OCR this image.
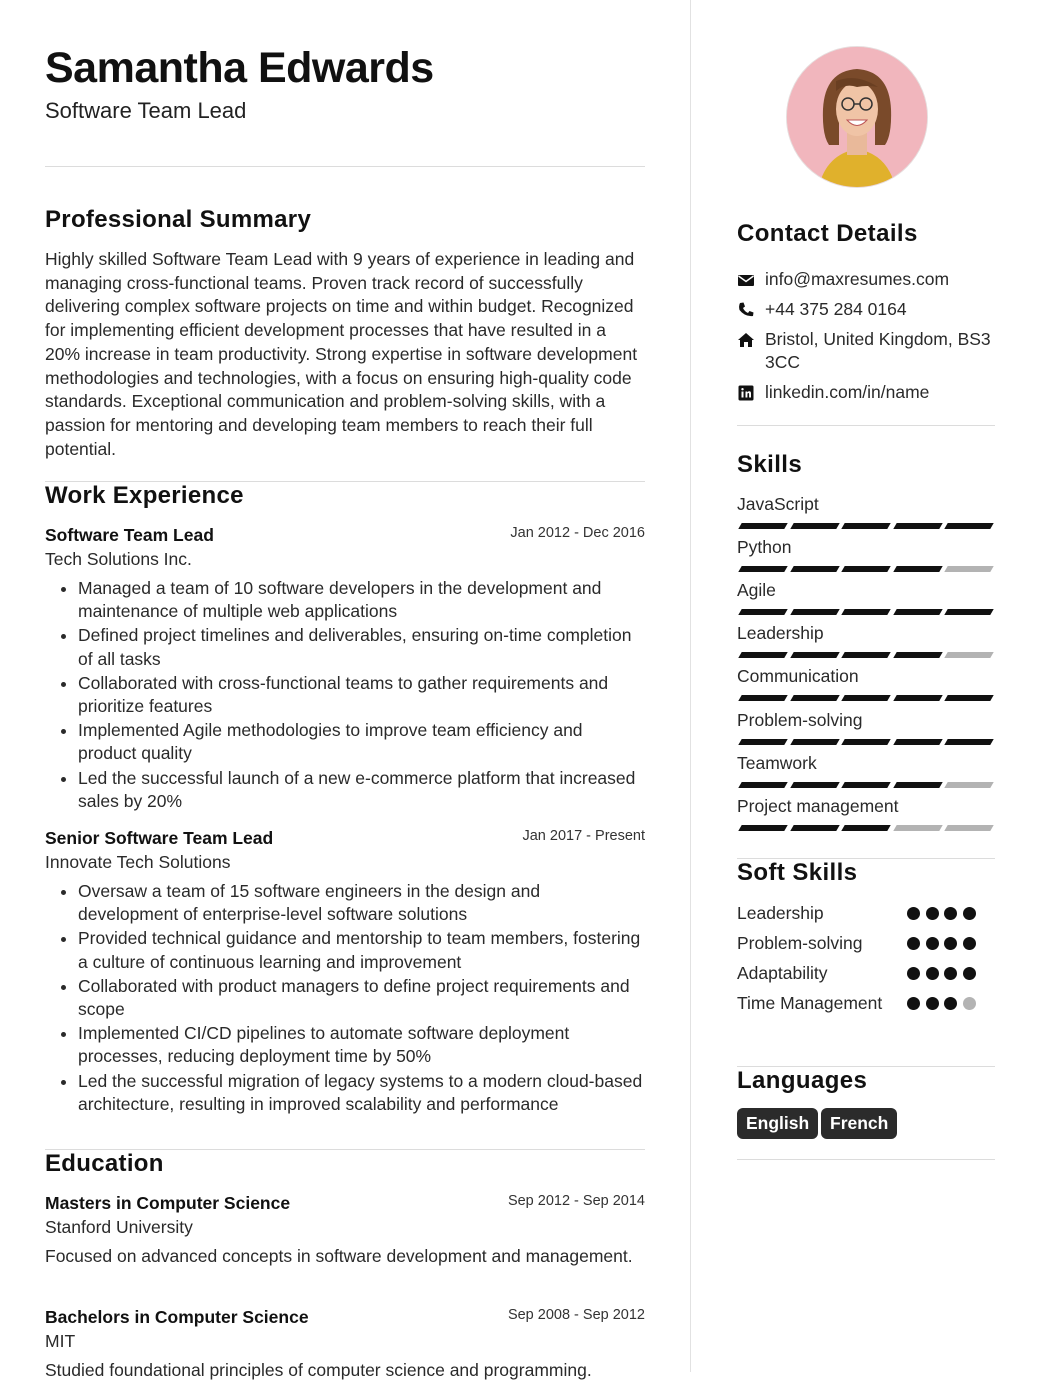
Samantha Edwards
Software Team Lead
Professional Summary

Highly skilled Software Team Lead with 9 years of experience in leading and managing cross-functional teams. Proven track record of successfully delivering complex software projects on time and within budget. Recognized for implementing efficient development processes that have resulted in a 20% increase in team productivity. Strong expertise in software development methodologies and technologies, with a focus on ensuring high-quality code standards. Exceptional communication and problem-solving skills, with a passion for mentoring and developing team members to reach their full potential.

Work Experience
Software Team Lead	Jan 2012 - Dec 2016
Tech Solutions Inc.
• Managed a team of 10 software developers in the development and maintenance of multiple web applications
• Defined project timelines and deliverables, ensuring on-time completion of all tasks
• Collaborated with cross-functional teams to gather requirements and prioritize features
• Implemented Agile methodologies to improve team efficiency and product quality
• Led the successful launch of a new e-commerce platform that increased sales by 20%
Senior Software Team Lead	Jan 2017 - Present
Innovate Tech Solutions
• Oversaw a team of 15 software engineers in the design and development of enterprise-level software solutions
• Provided technical guidance and mentorship to team members, fostering a culture of continuous learning and improvement
• Collaborated with product managers to define project requirements and scope
• Implemented CI/CD pipelines to automate software deployment processes, reducing deployment time by 50%
• Led the successful migration of legacy systems to a modern cloud-based architecture, resulting in improved scalability and performance
Education
Masters in Computer Science	Sep 2012 - Sep 2014
Stanford University
Focused on advanced concepts in software development and management.
Bachelors in Computer Science	Sep 2008 - Sep 2012
MIT
Studied foundational principles of computer science and programming.
Contact Details
info@maxresumes.com
+44 375 284 0164
Bristol, United Kingdom, BS3 3CC
linkedin.com/in/name
Skills
JavaScript
Python
Agile
Leadership
Communication
Problem-solving
Teamwork
Project management
Soft Skills
Leadership
Problem-solving
Adaptability
Time Management
Languages
English	French
